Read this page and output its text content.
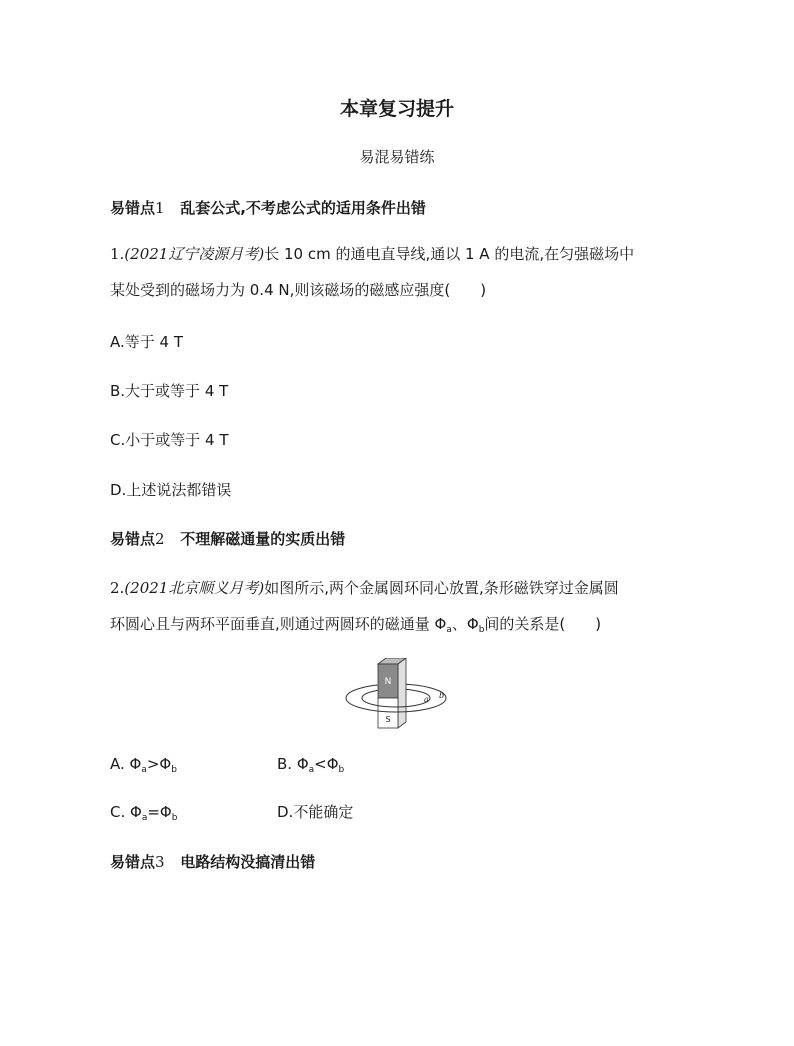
本章复习提升
易混易错练
易错点1 乱套公式,不考虑公式的适用条件出错
1.(2021辽宁凌源月考)长 10 cm 的通电直导线,通以 1 A 的电流,在匀强磁场中
某处受到的磁场力为 0.4 N,则该磁场的磁感应强度(　　)
A.等于 4 T
B.大于或等于 4 T
C.小于或等于 4 T
D.上述说法都错误
易错点2 不理解磁通量的实质出错
2.(2021北京顺义月考)如图所示,两个金属圆环同心放置,条形磁铁穿过金属圆
环圆心且与两环平面垂直,则通过两圆环的磁通量 $\Phi_a$、$\Phi_b$间的关系是(　　)
N
S
a b
A. $\Phi_a>\Phi_b$	B. $\Phi_a<\Phi_b$
C. $\Phi_a=\Phi_b$	D.不能确定
易错点3 电路结构没搞清出错
